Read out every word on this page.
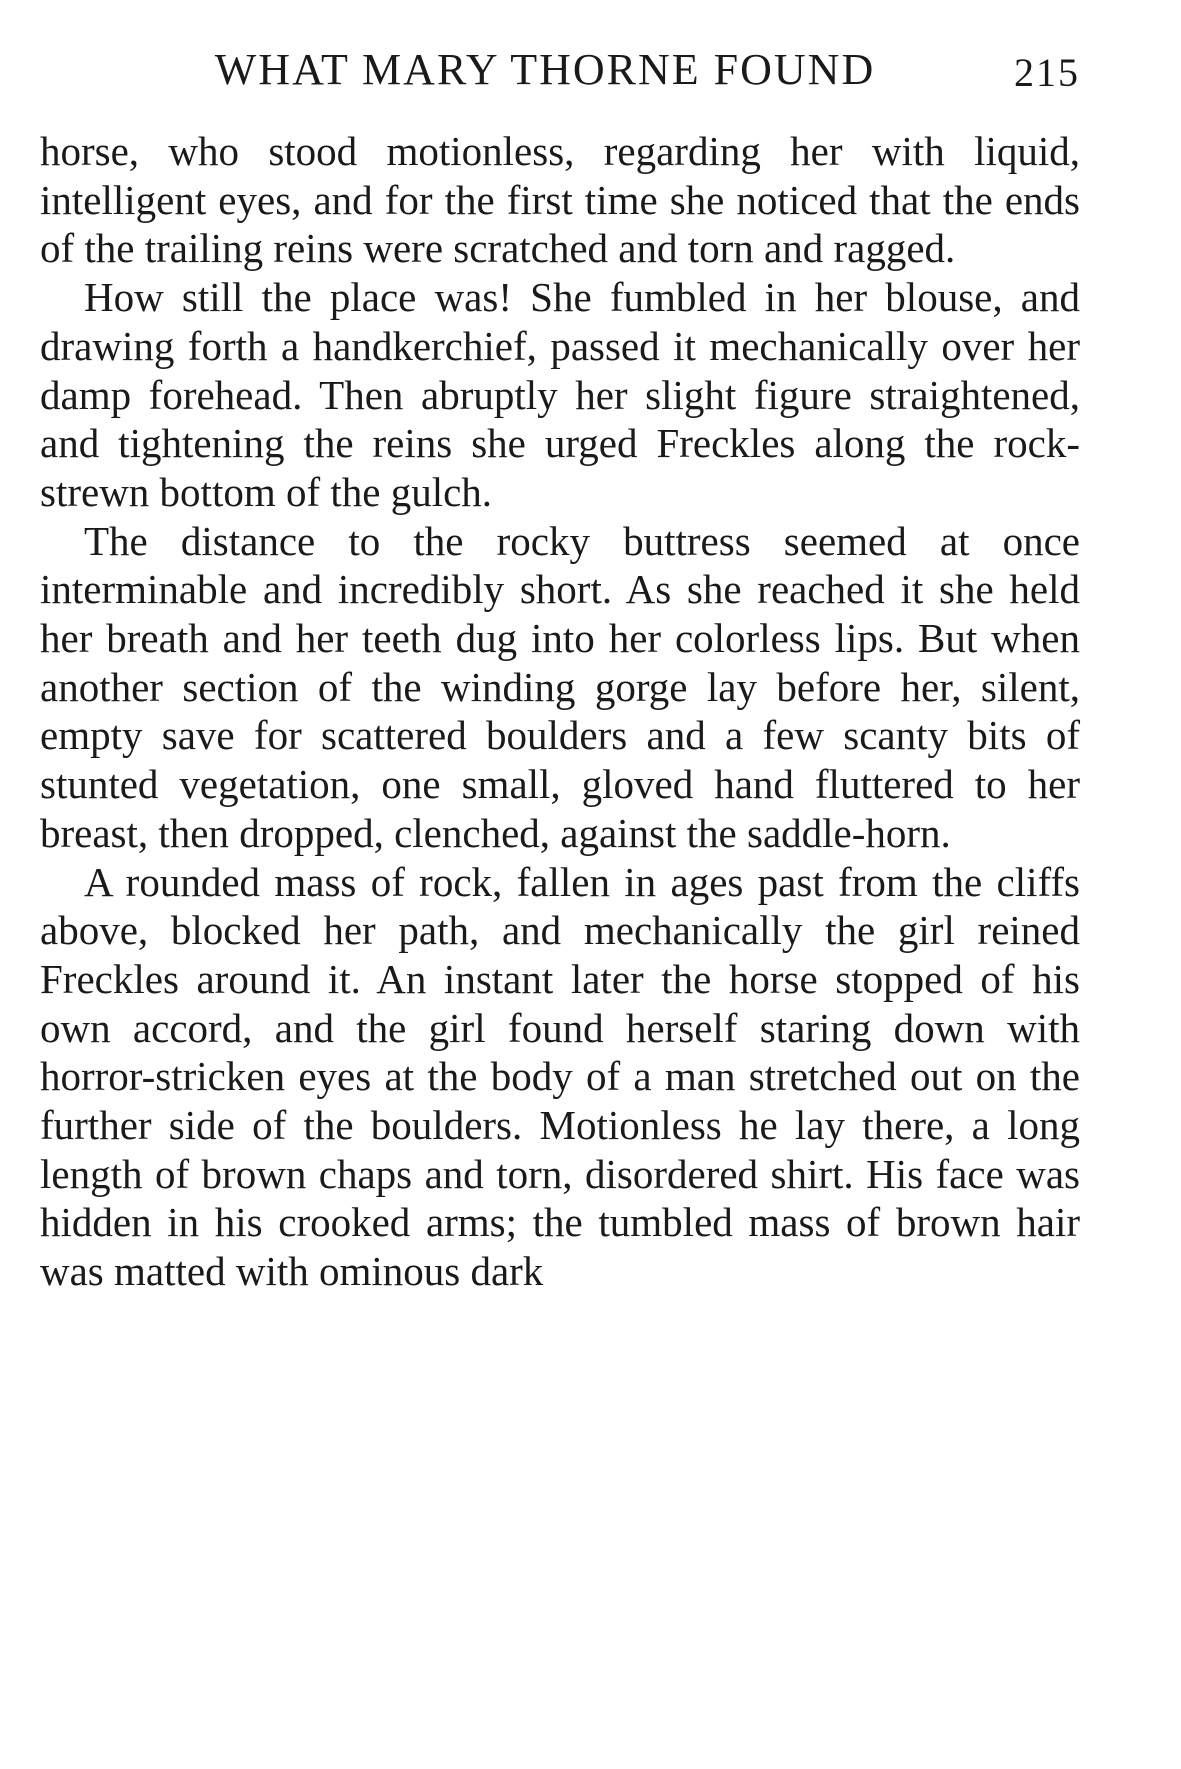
WHAT MARY THORNE FOUND	215

horse, who stood motionless, regarding her with liquid, intelligent eyes, and for the first time she noticed that the ends of the trailing reins were scratched and torn and ragged.

How still the place was! She fumbled in her blouse, and drawing forth a handkerchief, passed it mechanically over her damp forehead. Then abruptly her slight figure straightened, and tightening the reins she urged Freckles along the rock-strewn bottom of the gulch.

The distance to the rocky buttress seemed at once interminable and incredibly short. As she reached it she held her breath and her teeth dug into her colorless lips. But when another section of the winding gorge lay before her, silent, empty save for scattered boulders and a few scanty bits of stunted vegetation, one small, gloved hand fluttered to her breast, then dropped, clenched, against the saddle-horn.

A rounded mass of rock, fallen in ages past from the cliffs above, blocked her path, and mechanically the girl reined Freckles around it. An instant later the horse stopped of his own accord, and the girl found herself staring down with horror-stricken eyes at the body of a man stretched out on the further side of the boulders. Motionless he lay there, a long length of brown chaps and torn, disordered shirt. His face was hidden in his crooked arms; the tumbled mass of brown hair was matted with ominous dark
